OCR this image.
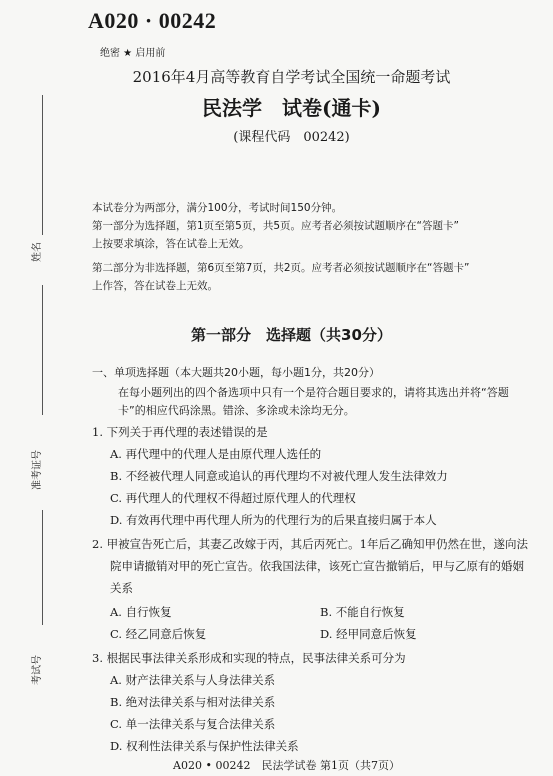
A020 · 00242
绝密 ★ 启用前
2016年4月高等教育自学考试全国统一命题考试
民法学　试卷(通卡)
(课程代码　00242)
姓名
准考证号
考试号
本试卷分为两部分，满分100分，考试时间150分钟。
第一部分为选择题，第1页至第5页，共5页。应考者必须按试题顺序在“答题卡”
上按要求填涂，答在试卷上无效。
第二部分为非选择题，第6页至第7页，共2页。应考者必须按试题顺序在“答题卡”
上作答，答在试卷上无效。
第一部分　选择题（共30分）
一、单项选择题（本大题共20小题，每小题1分，共20分）
在每小题列出的四个备选项中只有一个是符合题目要求的，请将其选出并将“答题
卡”的相应代码涂黑。错涂、多涂或未涂均无分。
1. 下列关于再代理的表述错误的是
A. 再代理中的代理人是由原代理人选任的
B. 不经被代理人同意或追认的再代理均不对被代理人发生法律效力
C. 再代理人的代理权不得超过原代理人的代理权
D. 有效再代理中再代理人所为的代理行为的后果直接归属于本人
2. 甲被宣告死亡后，其妻乙改嫁于丙，其后丙死亡。1年后乙确知甲仍然在世，遂向法
院申请撤销对甲的死亡宣告。依我国法律，该死亡宣告撤销后，甲与乙原有的婚姻
关系
A. 自行恢复	B. 不能自行恢复
C. 经乙同意后恢复	D. 经甲同意后恢复
3. 根据民事法律关系形成和实现的特点，民事法律关系可分为
A. 财产法律关系与人身法律关系
B. 绝对法律关系与相对法律关系
C. 单一法律关系与复合法律关系
D. 权利性法律关系与保护性法律关系
A020 • 00242　民法学试卷 第1页（共7页）
